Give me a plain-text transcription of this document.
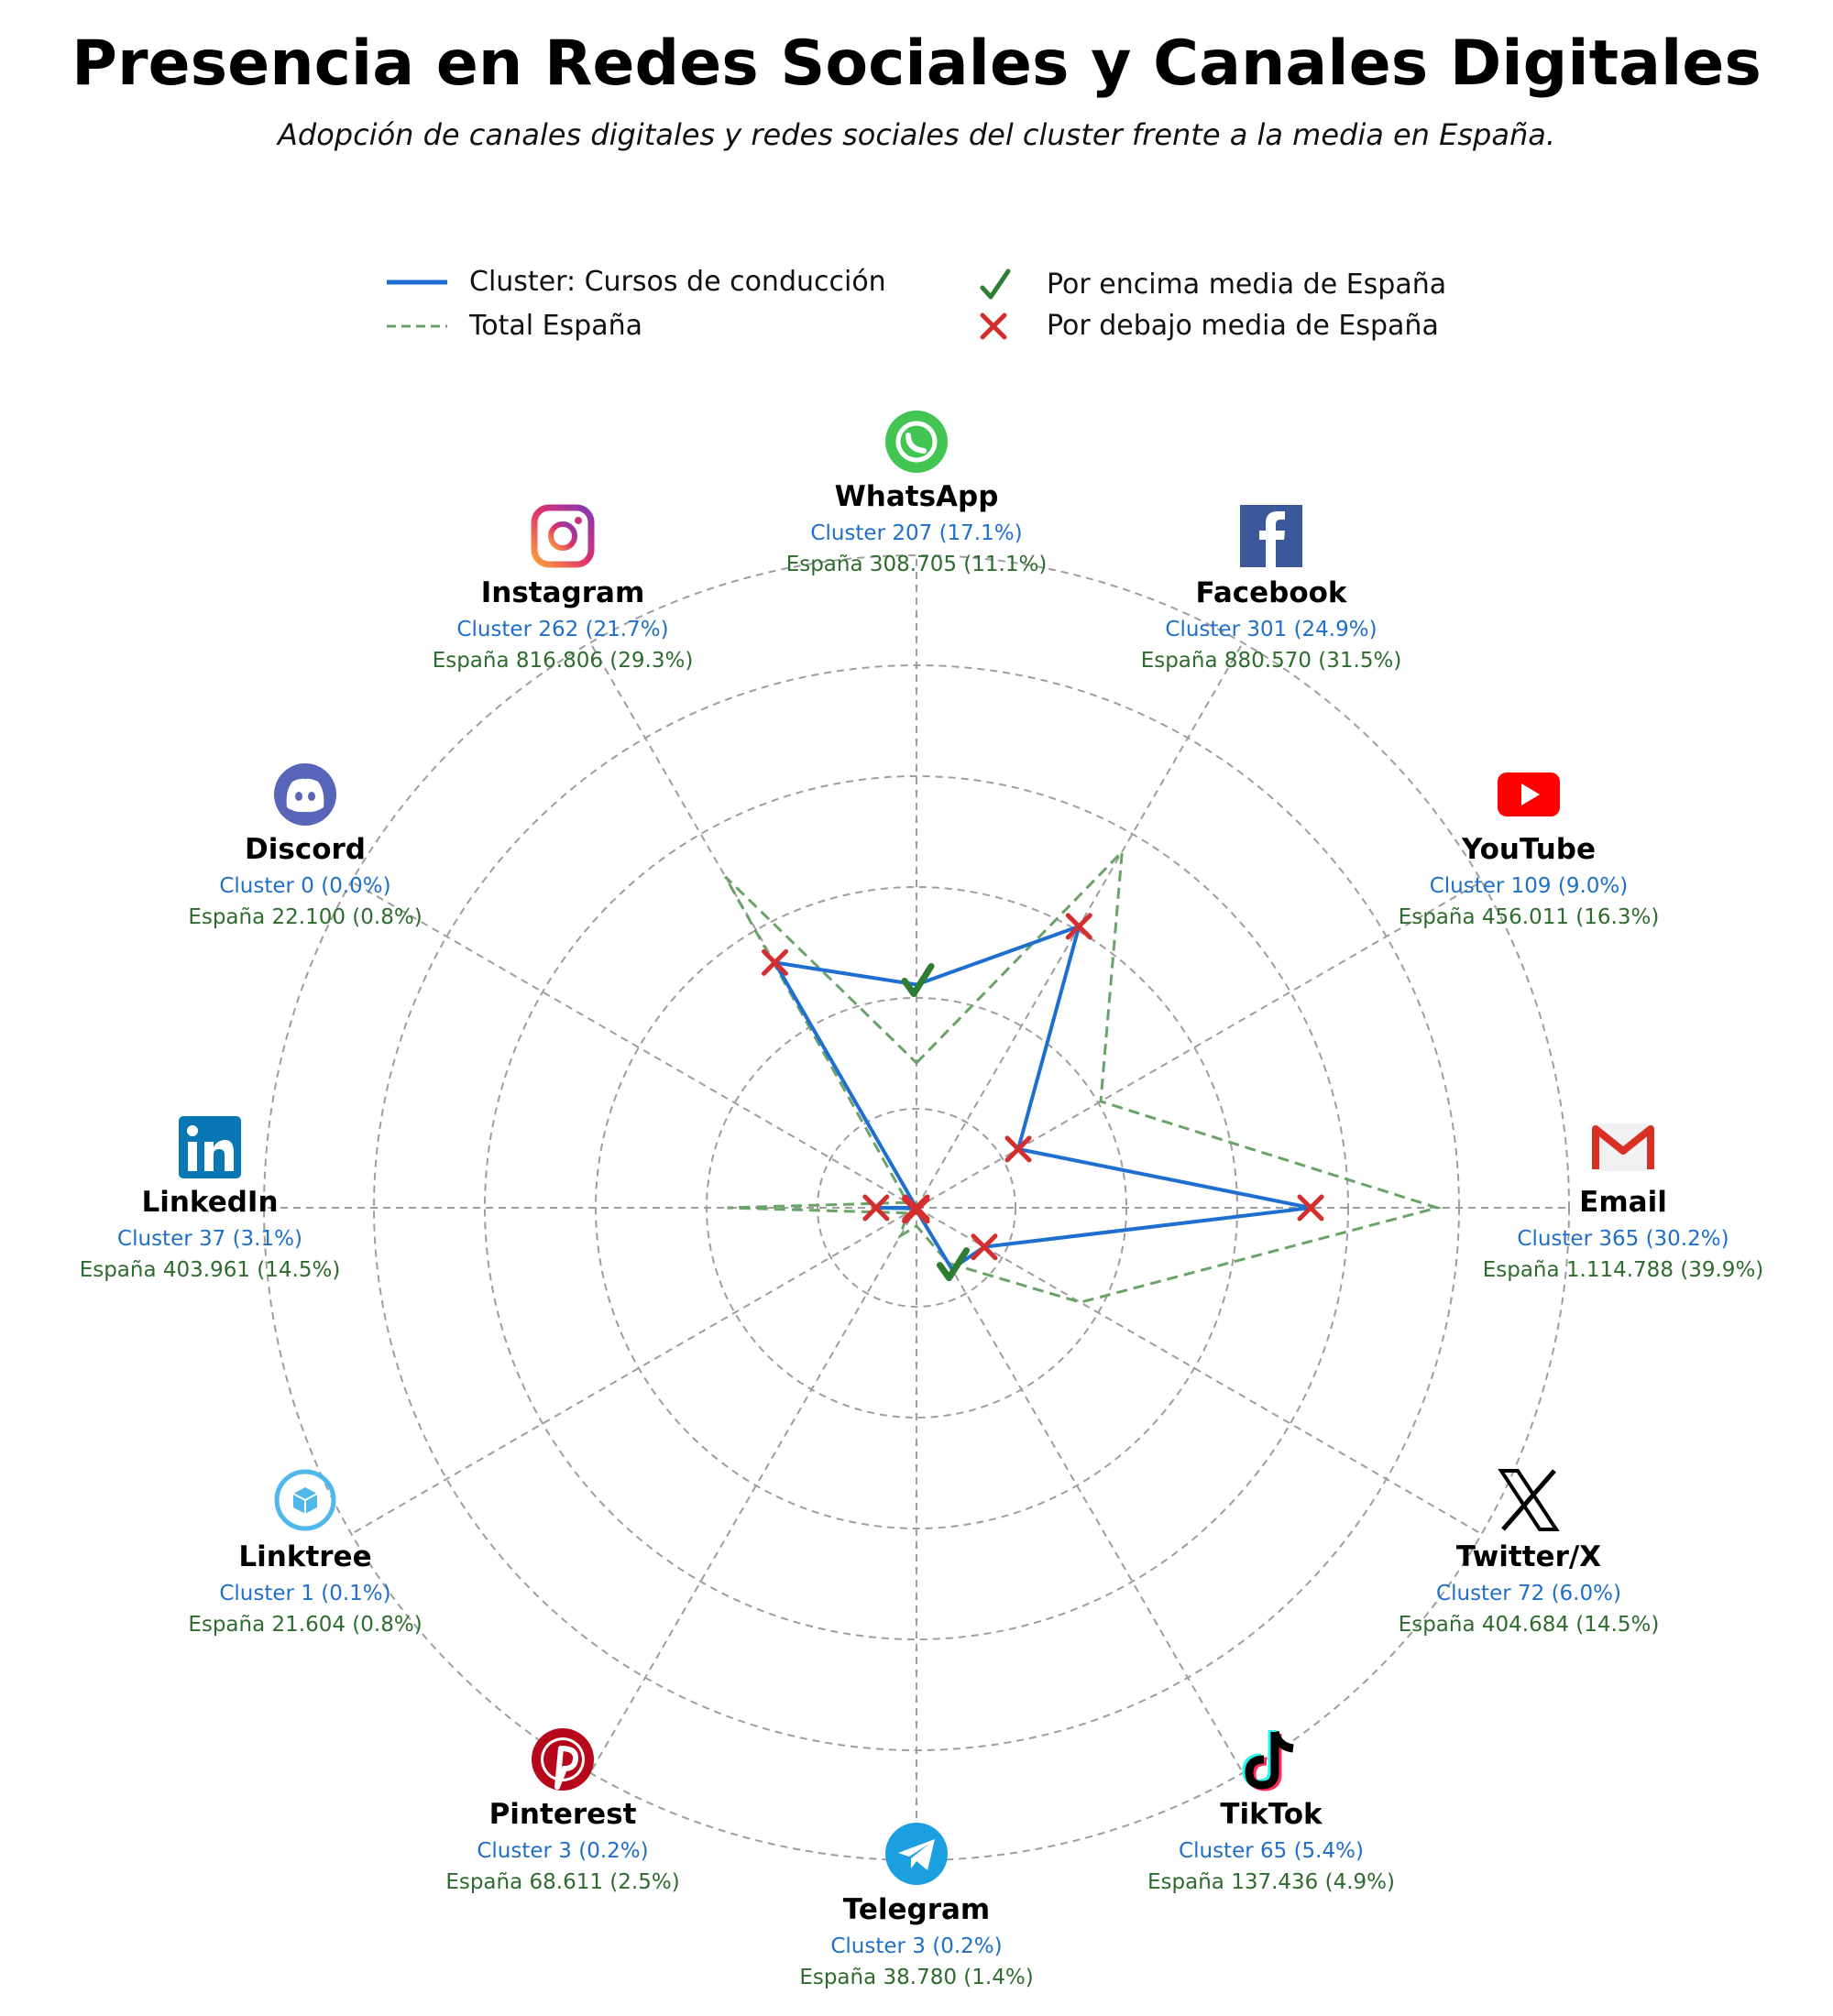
Presencia en Redes Sociales y Canales Digitales
Adopción de canales digitales y redes sociales del cluster frente a la media en España.
Cluster: Cursos de conducción
Total España
Por encima media de España
Por debajo media de España
WhatsApp
Cluster 207 (17.1%)
España 308.705 (11.1%)
Facebook
Cluster 301 (24.9%)
España 880.570 (31.5%)
YouTube
Cluster 109 (9.0%)
España 456.011 (16.3%)
Email
Cluster 365 (30.2%)
España 1.114.788 (39.9%)
Twitter/X
Cluster 72 (6.0%)
España 404.684 (14.5%)
TikTok
Cluster 65 (5.4%)
España 137.436 (4.9%)
Telegram
Cluster 3 (0.2%)
España 38.780 (1.4%)
Pinterest
Cluster 3 (0.2%)
España 68.611 (2.5%)
Linktree
Cluster 1 (0.1%)
España 21.604 (0.8%)
LinkedIn
Cluster 37 (3.1%)
España 403.961 (14.5%)
Discord
Cluster 0 (0.0%)
España 22.100 (0.8%)
Instagram
Cluster 262 (21.7%)
España 816.806 (29.3%)
